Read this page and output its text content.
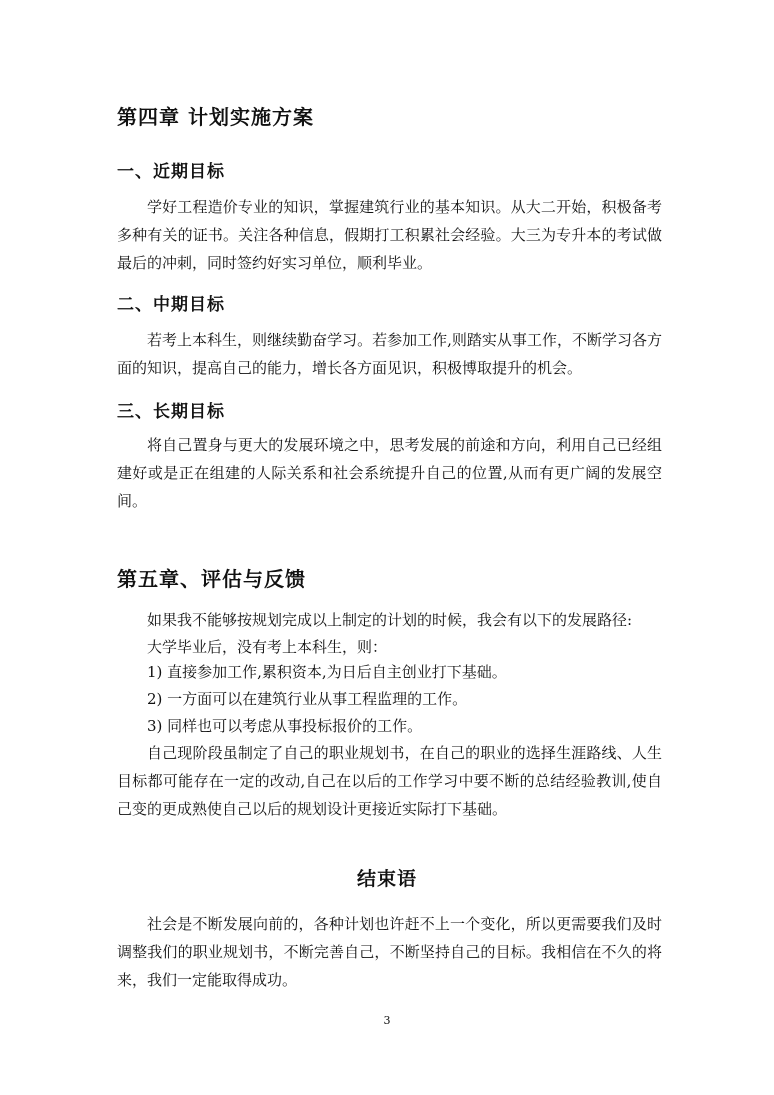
第四章 计划实施方案
一、近期目标

学好工程造价专业的知识，掌握建筑行业的基本知识。从大二开始，积极备考多种有关的证书。关注各种信息，假期打工积累社会经验。大三为专升本的考试做最后的冲刺，同时签约好实习单位，顺利毕业。

二、中期目标

若考上本科生，则继续勤奋学习。若参加工作,则踏实从事工作，不断学习各方面的知识，提高自己的能力，增长各方面见识，积极博取提升的机会。

三、长期目标

将自己置身与更大的发展环境之中，思考发展的前途和方向，利用自己已经组建好或是正在组建的人际关系和社会系统提升自己的位置,从而有更广阔的发展空间。

第五章、评估与反馈

如果我不能够按规划完成以上制定的计划的时候，我会有以下的发展路径:

大学毕业后，没有考上本科生，则：

1) 直接参加工作,累积资本,为日后自主创业打下基础。

2) 一方面可以在建筑行业从事工程监理的工作。

3) 同样也可以考虑从事投标报价的工作。

自己现阶段虽制定了自己的职业规划书，在自己的职业的选择生涯路线、人生目标都可能存在一定的改动,自己在以后的工作学习中要不断的总结经验教训,使自己变的更成熟使自己以后的规划设计更接近实际打下基础。

结束语

社会是不断发展向前的，各种计划也许赶不上一个变化，所以更需要我们及时调整我们的职业规划书，不断完善自己，不断坚持自己的目标。我相信在不久的将来，我们一定能取得成功。

3
